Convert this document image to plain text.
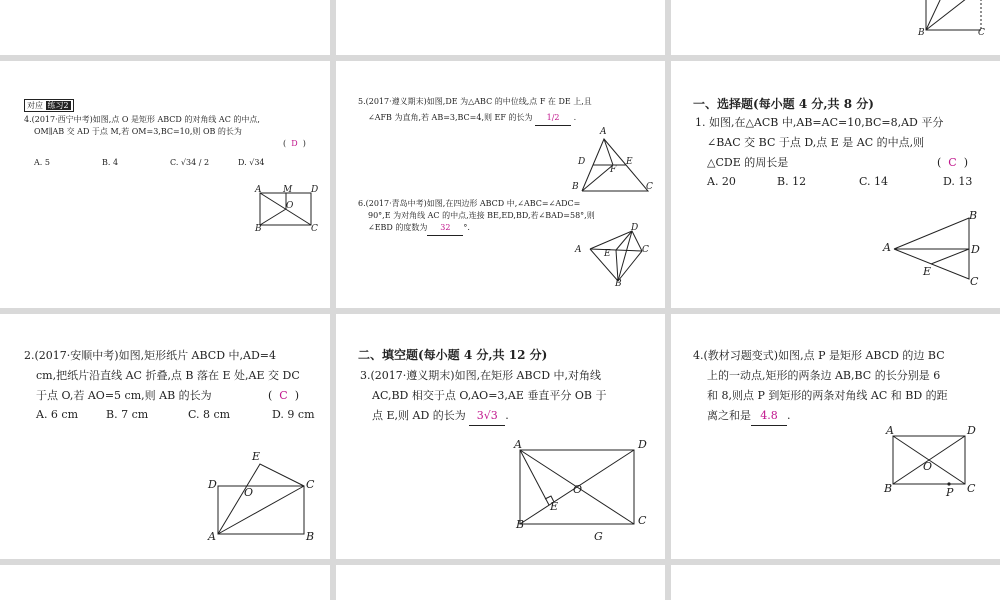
B	C
对应 练习2
4.(2017·西宁中考)如图,点 O 是矩形 ABCD 的对角线 AC 的中点,
OM∥AB 交 AD 于点 M,若 OM=3,BC=10,则 OB 的长为
( D )
A. 5	B. 4	C. √34 / 2	D. √34
A M D
O
B	C
5.(2017·遵义期末)如图,DE 为△ABC 的中位线,点 F 在 DE 上,且
∠AFB 为直角,若 AB=3,BC=4,则 EF 的长为 1/2 .
A
D	E
F
B	C
6.(2017·青岛中考)如图,在四边形 ABCD 中,∠ABC=∠ADC=
90°,E 为对角线 AC 的中点,连接 BE,ED,BD,若∠BAD=58°,则
∠EBD 的度数为 32 °.
A
D
E	C
B
一、选择题(每小题 4 分,共 8 分)
1. 如图,在△ACB 中,AB=AC=10,BC=8,AD 平分
∠BAC 交 BC 于点 D,点 E 是 AC 的中点,则
△CDE 的周长是	( C )
A. 20	B. 12	C. 14	D. 13
A
B
D
E
C
2.(2017·安顺中考)如图,矩形纸片 ABCD 中,AD=4
cm,把纸片沿直线 AC 折叠,点 B 落在 E 处,AE 交 DC
于点 O,若 AO=5 cm,则 AB 的长为	( C )
A. 6 cm	B. 7 cm	C. 8 cm	D. 9 cm
E
D
O
C
A	B
二、填空题(每小题 4 分,共 12 分)
3.(2017·遵义期末)如图,在矩形 ABCD 中,对角线
AC,BD 相交于点 O,AO=3,AE 垂直平分 OB 于
点 E,则 AD 的长为 3√3 .
A	D
O
E
B	C
G
4.(教材习题变式)如图,点 P 是矩形 ABCD 的边 BC
上的一动点,矩形的两条边 AB,BC 的长分别是 6
和 8,则点 P 到矩形的两条对角线 AC 和 BD 的距
离之和是 4.8 .
A	D
O
B	P C
